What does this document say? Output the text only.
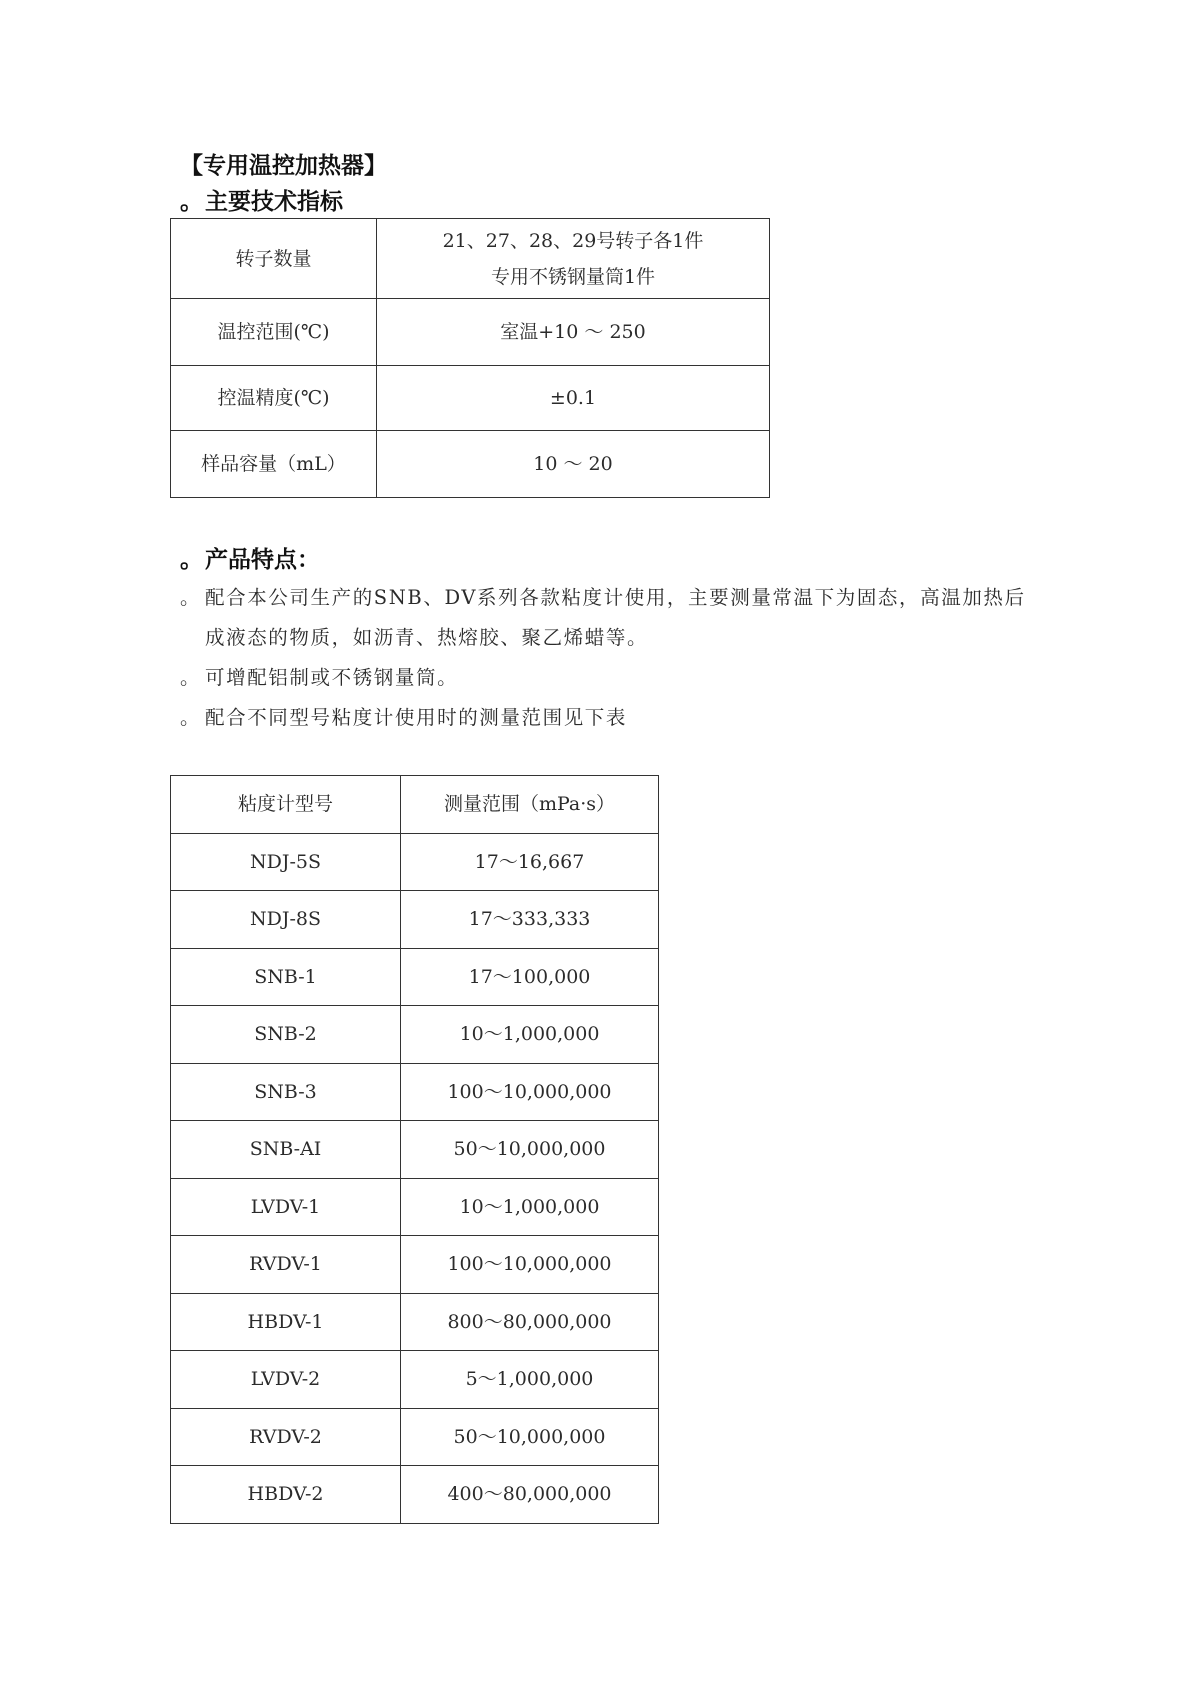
【专用温控加热器】
。主要技术指标
转子数量	21、27、28、29号转子各1件
专用不锈钢量筒1件

温控范围(℃)	室温+10 ～ 250
控温精度(℃)	±0.1
样品容量（mL）	10 ～ 20
。产品特点：
。 配合本公司生产的SNB、DV系列各款粘度计使用，主要测量常温下为固态，高温加热后成液态的物质，如沥青、热熔胶、聚乙烯蜡等。
。 可增配铝制或不锈钢量筒。
。 配合不同型号粘度计使用时的测量范围见下表
粘度计型号	测量范围（mPa·s）
NDJ-5S	17～16,667
NDJ-8S	17～333,333
SNB-1	17～100,000
SNB-2	10～1,000,000
SNB-3	100～10,000,000
SNB-AI	50～10,000,000
LVDV-1	10～1,000,000
RVDV-1	100～10,000,000
HBDV-1	800～80,000,000
LVDV-2	5～1,000,000
RVDV-2	50～10,000,000
HBDV-2	400～80,000,000
